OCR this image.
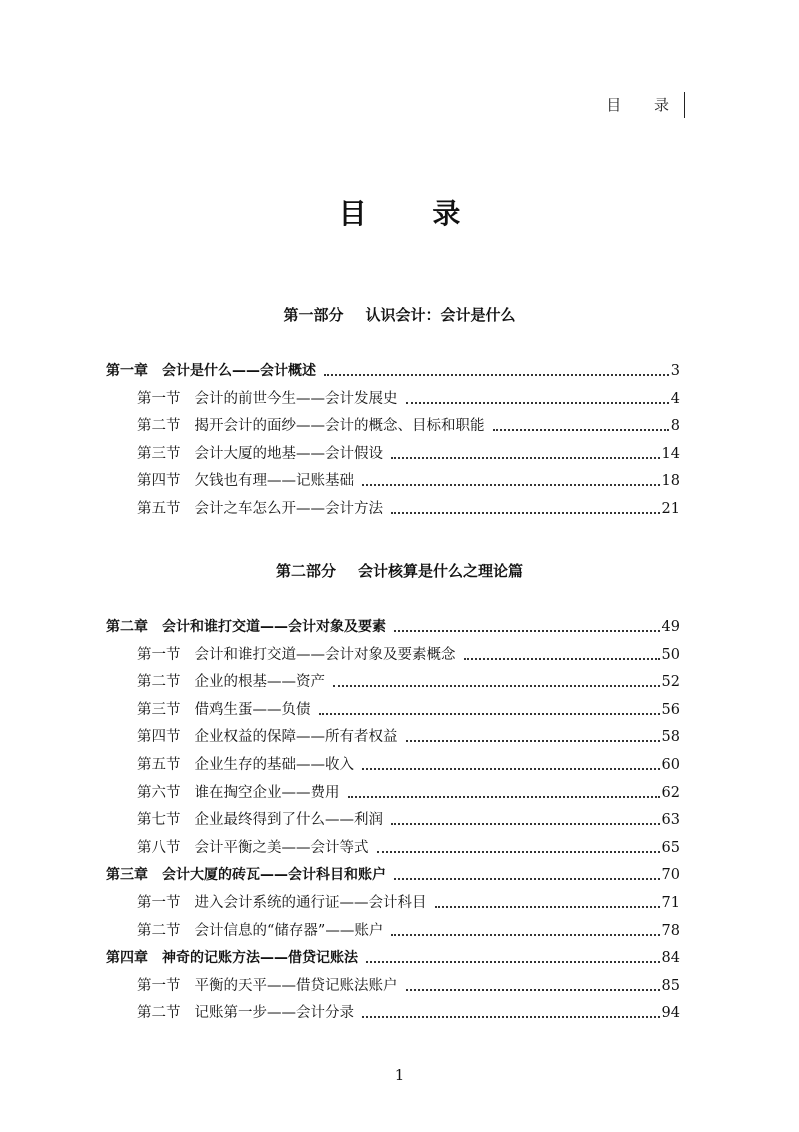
目 录
目 录
第一部分 认识会计：会计是什么
第一章 会计是什么——会计概述	3
第一节 会计的前世今生——会计发展史	4
第二节 揭开会计的面纱——会计的概念、目标和职能	8
第三节 会计大厦的地基——会计假设	14
第四节 欠钱也有理——记账基础	18
第五节 会计之车怎么开——会计方法	21
第二部分 会计核算是什么之理论篇
第二章 会计和谁打交道——会计对象及要素	49
第一节 会计和谁打交道——会计对象及要素概念	50
第二节 企业的根基——资产	52
第三节 借鸡生蛋——负债	56
第四节 企业权益的保障——所有者权益	58
第五节 企业生存的基础——收入	60
第六节 谁在掏空企业——费用	62
第七节 企业最终得到了什么——利润	63
第八节 会计平衡之美——会计等式	65
第三章 会计大厦的砖瓦——会计科目和账户	70
第一节 进入会计系统的通行证——会计科目	71
第二节 会计信息的“储存器”——账户	78
第四章 神奇的记账方法——借贷记账法	84
第一节 平衡的天平——借贷记账法账户	85
第二节 记账第一步——会计分录	94
1
